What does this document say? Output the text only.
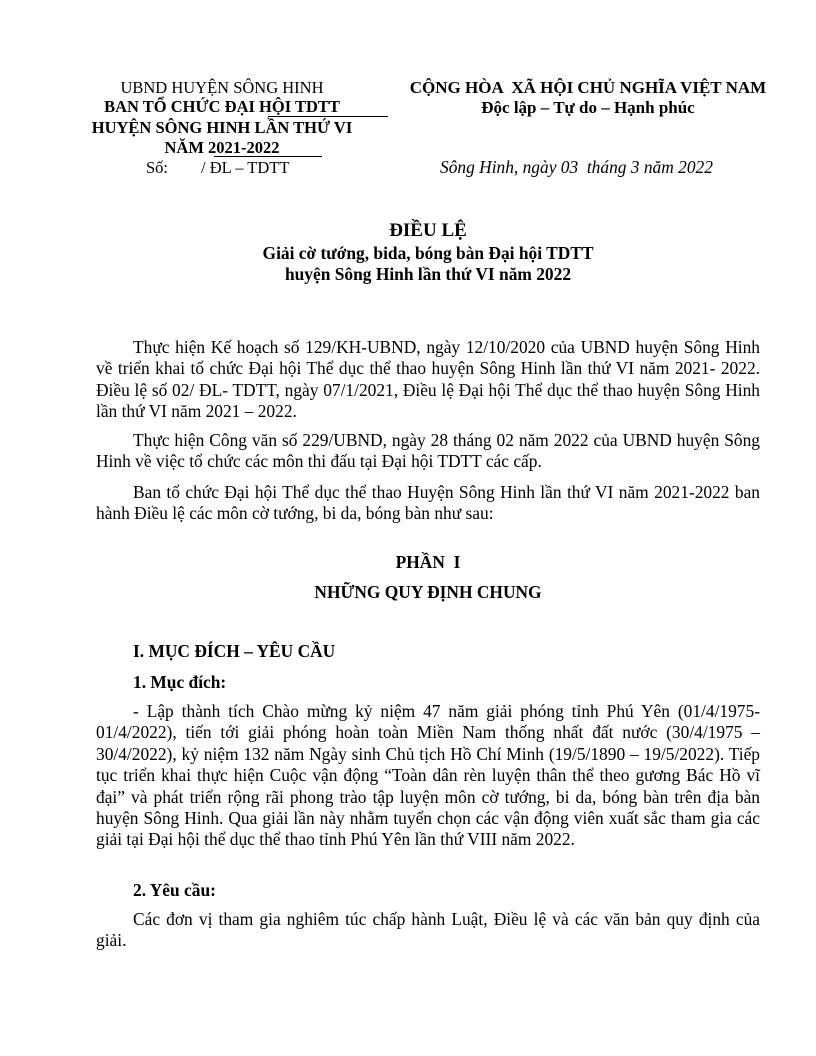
UBND HUYỆN SÔNG HINH
BAN TỔ CHỨC ĐẠI HỘI TDTT
HUYỆN SÔNG HINH LẦN THỨ VI
NĂM 2021-2022
Số:        / ĐL – TDTT
CỘNG HÒA  XÃ HỘI CHỦ NGHĨA VIỆT NAM
Độc lập – Tự do – Hạnh phúc
Sông Hinh, ngày 03  tháng 3 năm 2022
ĐIỀU LỆ
Giải cờ tướng, bida, bóng bàn Đại hội TDTT
huyện Sông Hinh lần thứ VI năm 2022
Thực hiện Kế hoạch số 129/KH-UBND, ngày 12/10/2020 của UBND huyện Sông Hinh về triển khai tổ chức Đại hội Thể dục thể thao huyện Sông Hinh lần thứ VI năm 2021- 2022. Điều lệ số 02/ ĐL- TDTT, ngày 07/1/2021, Điều lệ Đại hội Thể dục thể thao huyện Sông Hinh lần thứ VI năm 2021 – 2022.
Thực hiện Công văn số 229/UBND, ngày 28 tháng 02 năm 2022 của UBND huyện Sông Hinh về việc tổ chức các môn thi đấu tại Đại hội TDTT các cấp.
Ban tổ chức Đại hội Thể dục thể thao Huyện Sông Hinh lần thứ VI năm 2021-2022 ban hành Điều lệ các môn cờ tướng, bi da, bóng bàn như sau:
PHẦN  I
NHỮNG QUY ĐỊNH CHUNG
I. MỤC ĐÍCH – YÊU CẦU
1. Mục đích:
- Lập thành tích Chào mừng kỷ niệm 47 năm giải phóng tỉnh Phú Yên (01/4/1975-01/4/2022), tiến tới giải phóng hoàn toàn Miền Nam thống nhất đất nước (30/4/1975 – 30/4/2022), kỷ niệm 132 năm Ngày sinh Chủ tịch Hồ Chí Minh (19/5/1890 – 19/5/2022). Tiếp tục triển khai thực hiện Cuộc vận động “Toàn dân rèn luyện thân thể theo gương Bác Hồ vĩ đại” và phát triển rộng rãi phong trào tập luyện môn cờ tướng, bi da, bóng bàn trên địa bàn huyện Sông Hinh. Qua giải lần này nhằm tuyển chọn các vận động viên xuất sắc tham gia các giải tại Đại hội thể dục thể thao tỉnh Phú Yên lần thứ VIII năm 2022.
2. Yêu cầu:
Các đơn vị tham gia nghiêm túc chấp hành Luật, Điều lệ và các văn bản quy định của giải.
